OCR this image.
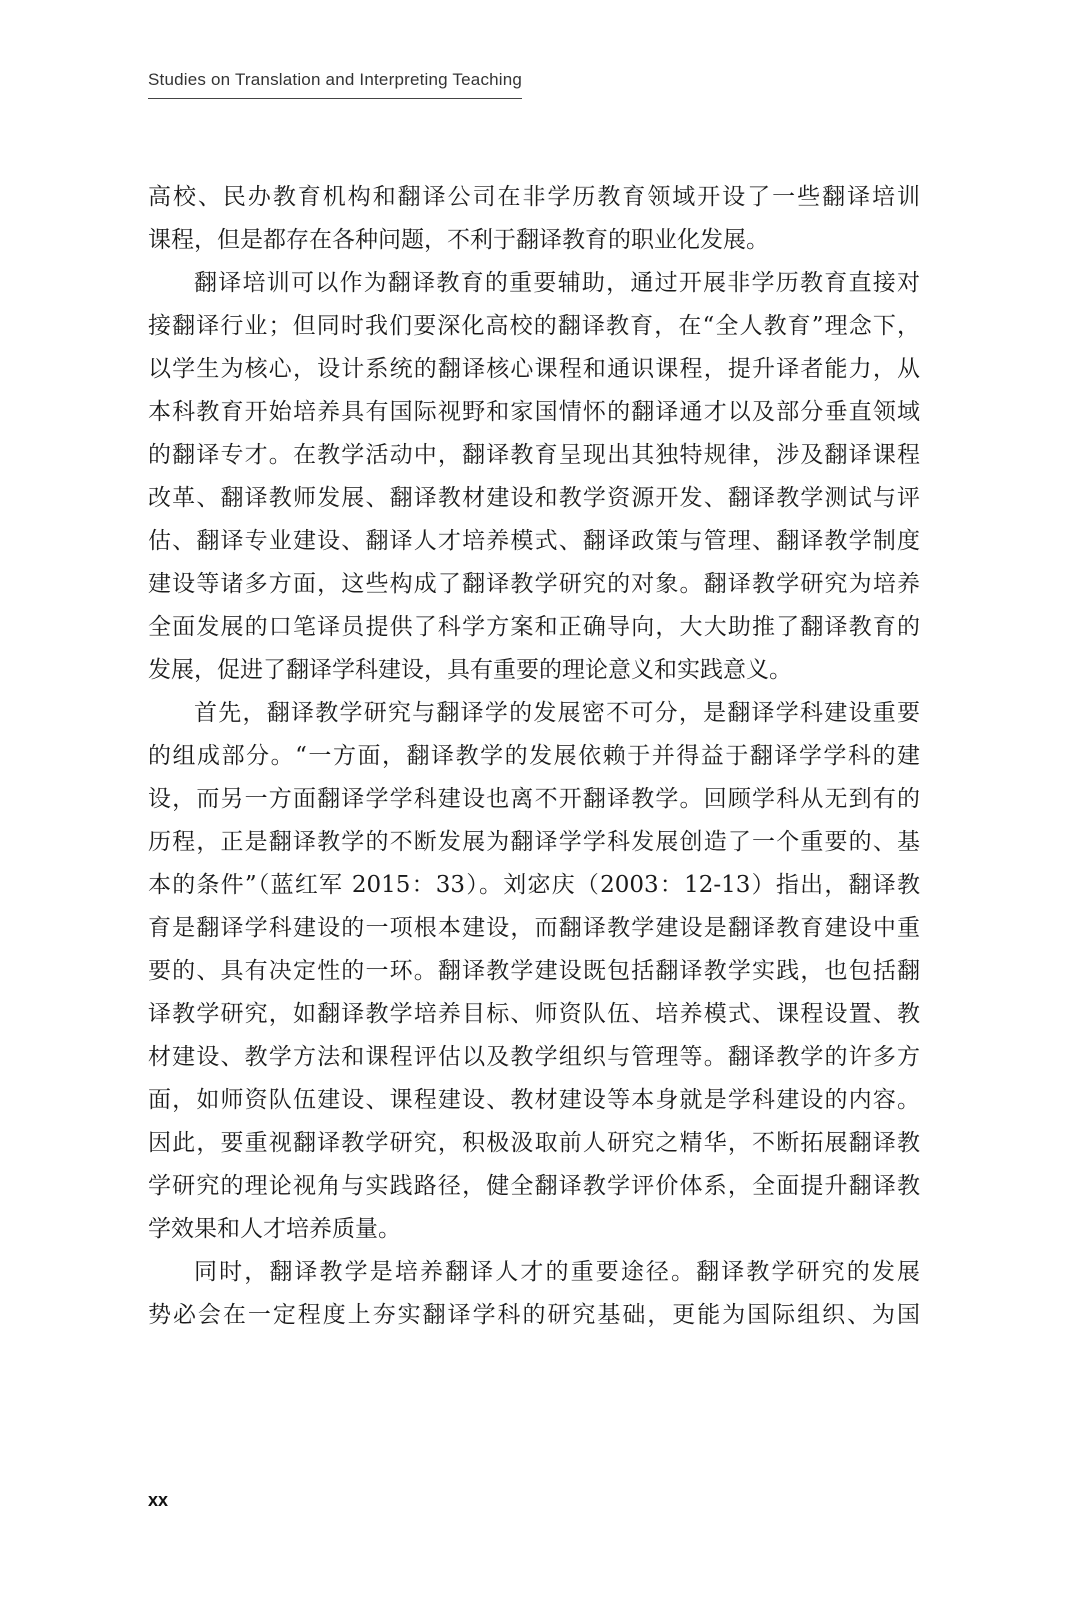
Studies on Translation and Interpreting Teaching
高校、民办教育机构和翻译公司在非学历教育领域开设了一些翻译培训
课程，但是都存在各种问题，不利于翻译教育的职业化发展。
翻译培训可以作为翻译教育的重要辅助，通过开展非学历教育直接对
接翻译行业；但同时我们要深化高校的翻译教育，在“全人教育”理念下，
以学生为核心，设计系统的翻译核心课程和通识课程，提升译者能力，从
本科教育开始培养具有国际视野和家国情怀的翻译通才以及部分垂直领域
的翻译专才。在教学活动中，翻译教育呈现出其独特规律，涉及翻译课程
改革、翻译教师发展、翻译教材建设和教学资源开发、翻译教学测试与评
估、翻译专业建设、翻译人才培养模式、翻译政策与管理、翻译教学制度
建设等诸多方面，这些构成了翻译教学研究的对象。翻译教学研究为培养
全面发展的口笔译员提供了科学方案和正确导向，大大助推了翻译教育的
发展，促进了翻译学科建设，具有重要的理论意义和实践意义。
首先，翻译教学研究与翻译学的发展密不可分，是翻译学科建设重要
的组成部分。“一方面，翻译教学的发展依赖于并得益于翻译学学科的建
设，而另一方面翻译学学科建设也离不开翻译教学。回顾学科从无到有的
历程，正是翻译教学的不断发展为翻译学学科发展创造了一个重要的、基
本的条件”（蓝红军 2015：33）。刘宓庆（2003：12-13）指出，翻译教
育是翻译学科建设的一项根本建设，而翻译教学建设是翻译教育建设中重
要的、具有决定性的一环。翻译教学建设既包括翻译教学实践，也包括翻
译教学研究，如翻译教学培养目标、师资队伍、培养模式、课程设置、教
材建设、教学方法和课程评估以及教学组织与管理等。翻译教学的许多方
面，如师资队伍建设、课程建设、教材建设等本身就是学科建设的内容。
因此，要重视翻译教学研究，积极汲取前人研究之精华，不断拓展翻译教
学研究的理论视角与实践路径，健全翻译教学评价体系，全面提升翻译教
学效果和人才培养质量。
同时，翻译教学是培养翻译人才的重要途径。翻译教学研究的发展
势必会在一定程度上夯实翻译学科的研究基础，更能为国际组织、为国
xx
